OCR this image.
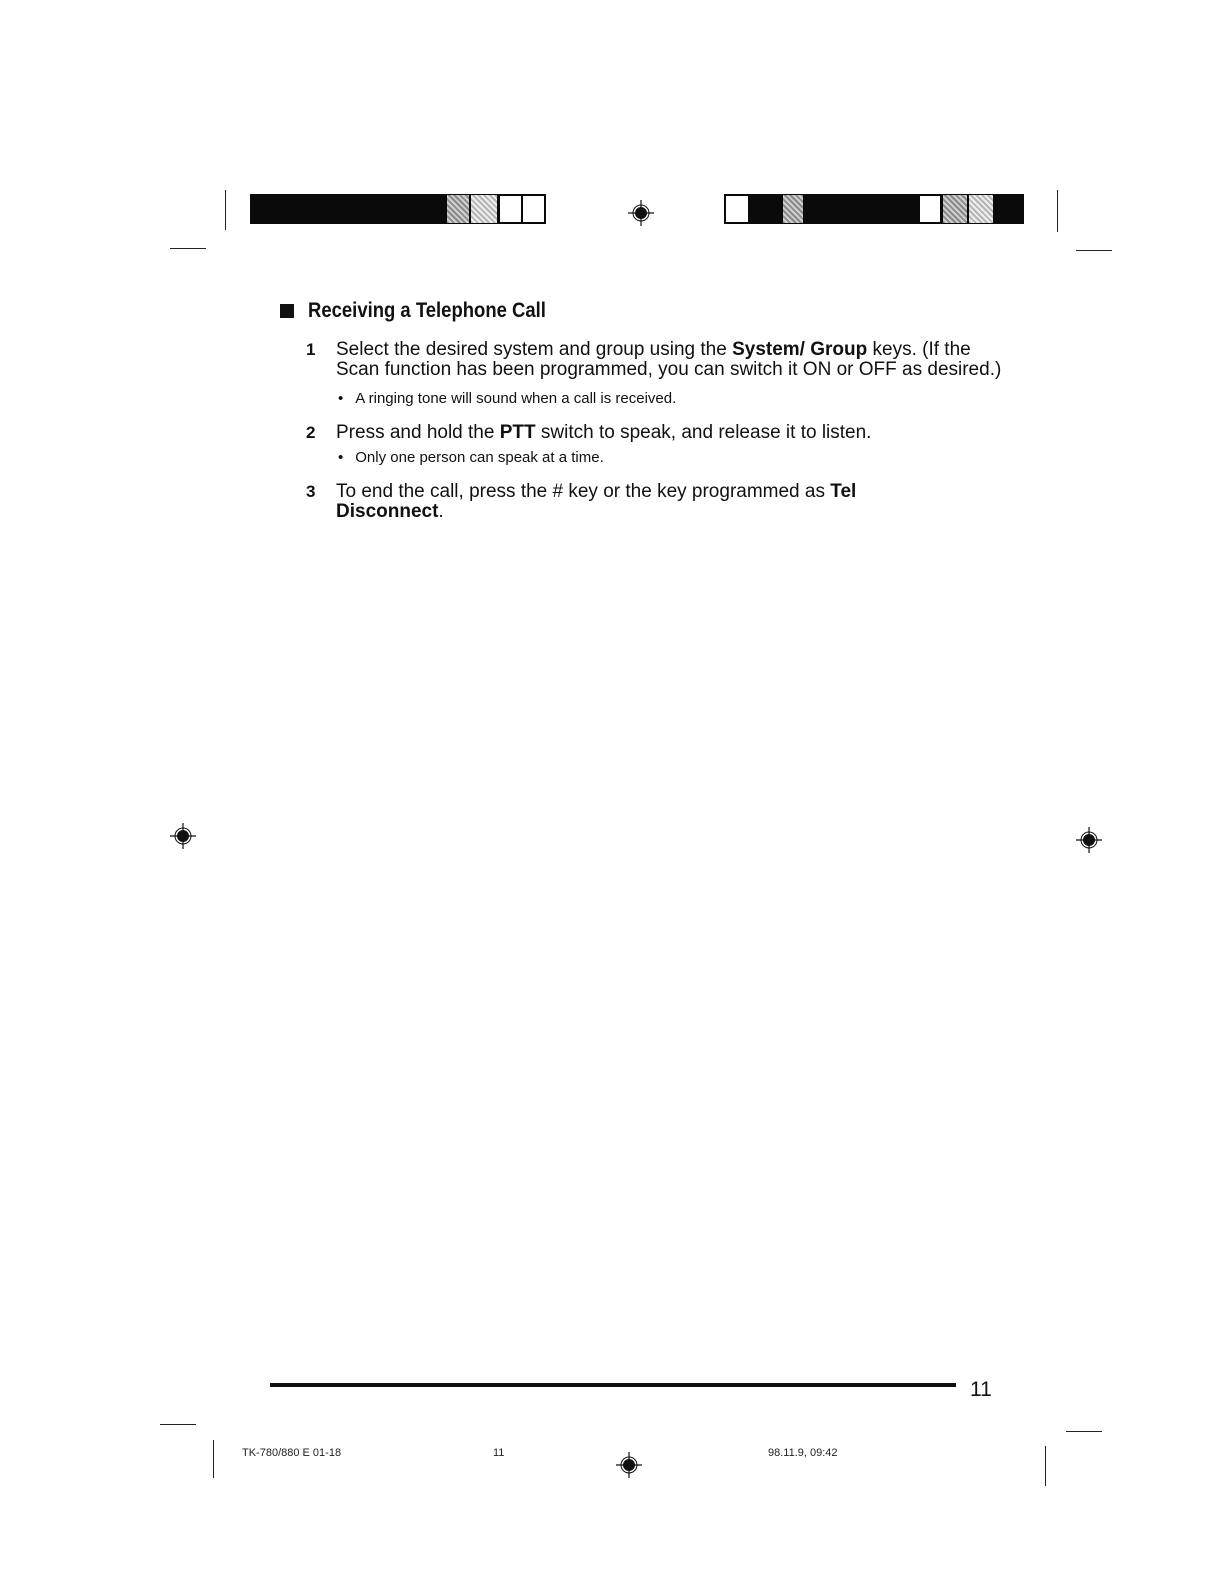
Receiving a Telephone Call
1 Select the desired system and group using the System/ Group keys. (If the Scan function has been programmed, you can switch it ON or OFF as desired.)
• A ringing tone will sound when a call is received.
2 Press and hold the PTT switch to speak, and release it to listen.
• Only one person can speak at a time.
3 To end the call, press the # key or the key programmed as Tel Disconnect.
11
TK-780/880 E 01-18	11	98.11.9, 09:42
